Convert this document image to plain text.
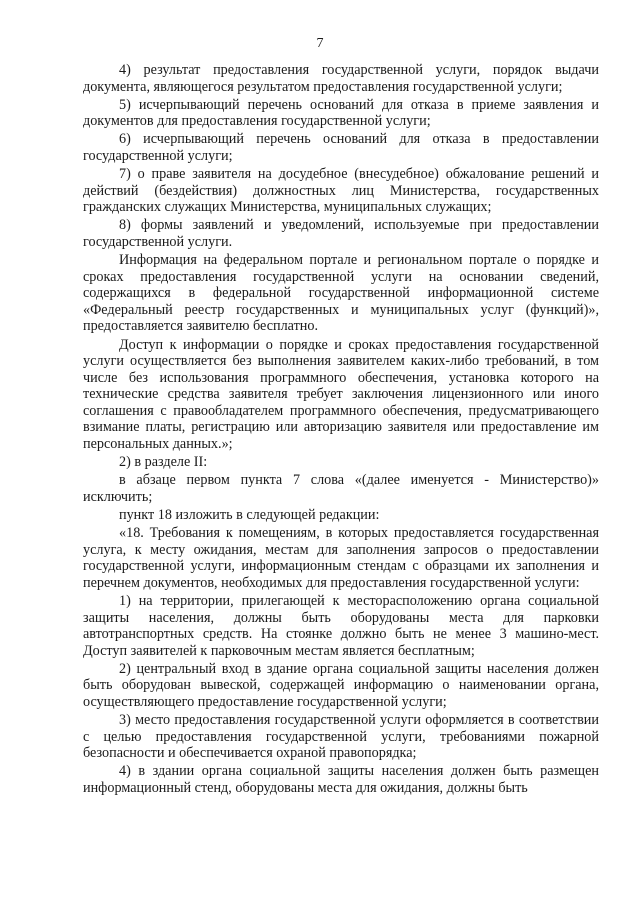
7

4) результат предоставления государственной услуги, порядок выдачи документа, являющегося результатом предоставления государственной услуги;

5) исчерпывающий перечень оснований для отказа в приеме заявления и документов для предоставления государственной услуги;

6) исчерпывающий перечень оснований для отказа в предоставлении государственной услуги;

7) о праве заявителя на досудебное (внесудебное) обжалование решений и действий (бездействия) должностных лиц Министерства, государственных гражданских служащих Министерства, муниципальных служащих;

8) формы заявлений и уведомлений, используемые при предоставлении государственной услуги.

Информация на федеральном портале и региональном портале о порядке и сроках предоставления государственной услуги на основании сведений, содержащихся в федеральной государственной информационной системе «Федеральный реестр государственных и муниципальных услуг (функций)», предоставляется заявителю бесплатно.

Доступ к информации о порядке и сроках предоставления государственной услуги осуществляется без выполнения заявителем каких-либо требований, в том числе без использования программного обеспечения, установка которого на технические средства заявителя требует заключения лицензионного или иного соглашения с правообладателем программного обеспечения, предусматривающего взимание платы, регистрацию или авторизацию заявителя или предоставление им персональных данных.»;

2) в разделе II:

в абзаце первом пункта 7 слова «(далее именуется - Министерство)» исключить;

пункт 18 изложить в следующей редакции:

«18. Требования к помещениям, в которых предоставляется государственная услуга, к месту ожидания, местам для заполнения запросов о предоставлении государственной услуги, информационным стендам с образцами их заполнения и перечнем документов, необходимых для предоставления государственной услуги:

1) на территории, прилегающей к месторасположению органа социальной защиты населения, должны быть оборудованы места для парковки автотранспортных средств. На стоянке должно быть не менее 3 машино-мест. Доступ заявителей к парковочным местам является бесплатным;

2) центральный вход в здание органа социальной защиты населения должен быть оборудован вывеской, содержащей информацию о наименовании органа, осуществляющего предоставление государственной услуги;

3) место предоставления государственной услуги оформляется в соответствии с целью предоставления государственной услуги, требованиями пожарной безопасности и обеспечивается охраной правопорядка;

4) в здании органа социальной защиты населения должен быть размещен информационный стенд, оборудованы места для ожидания, должны быть
